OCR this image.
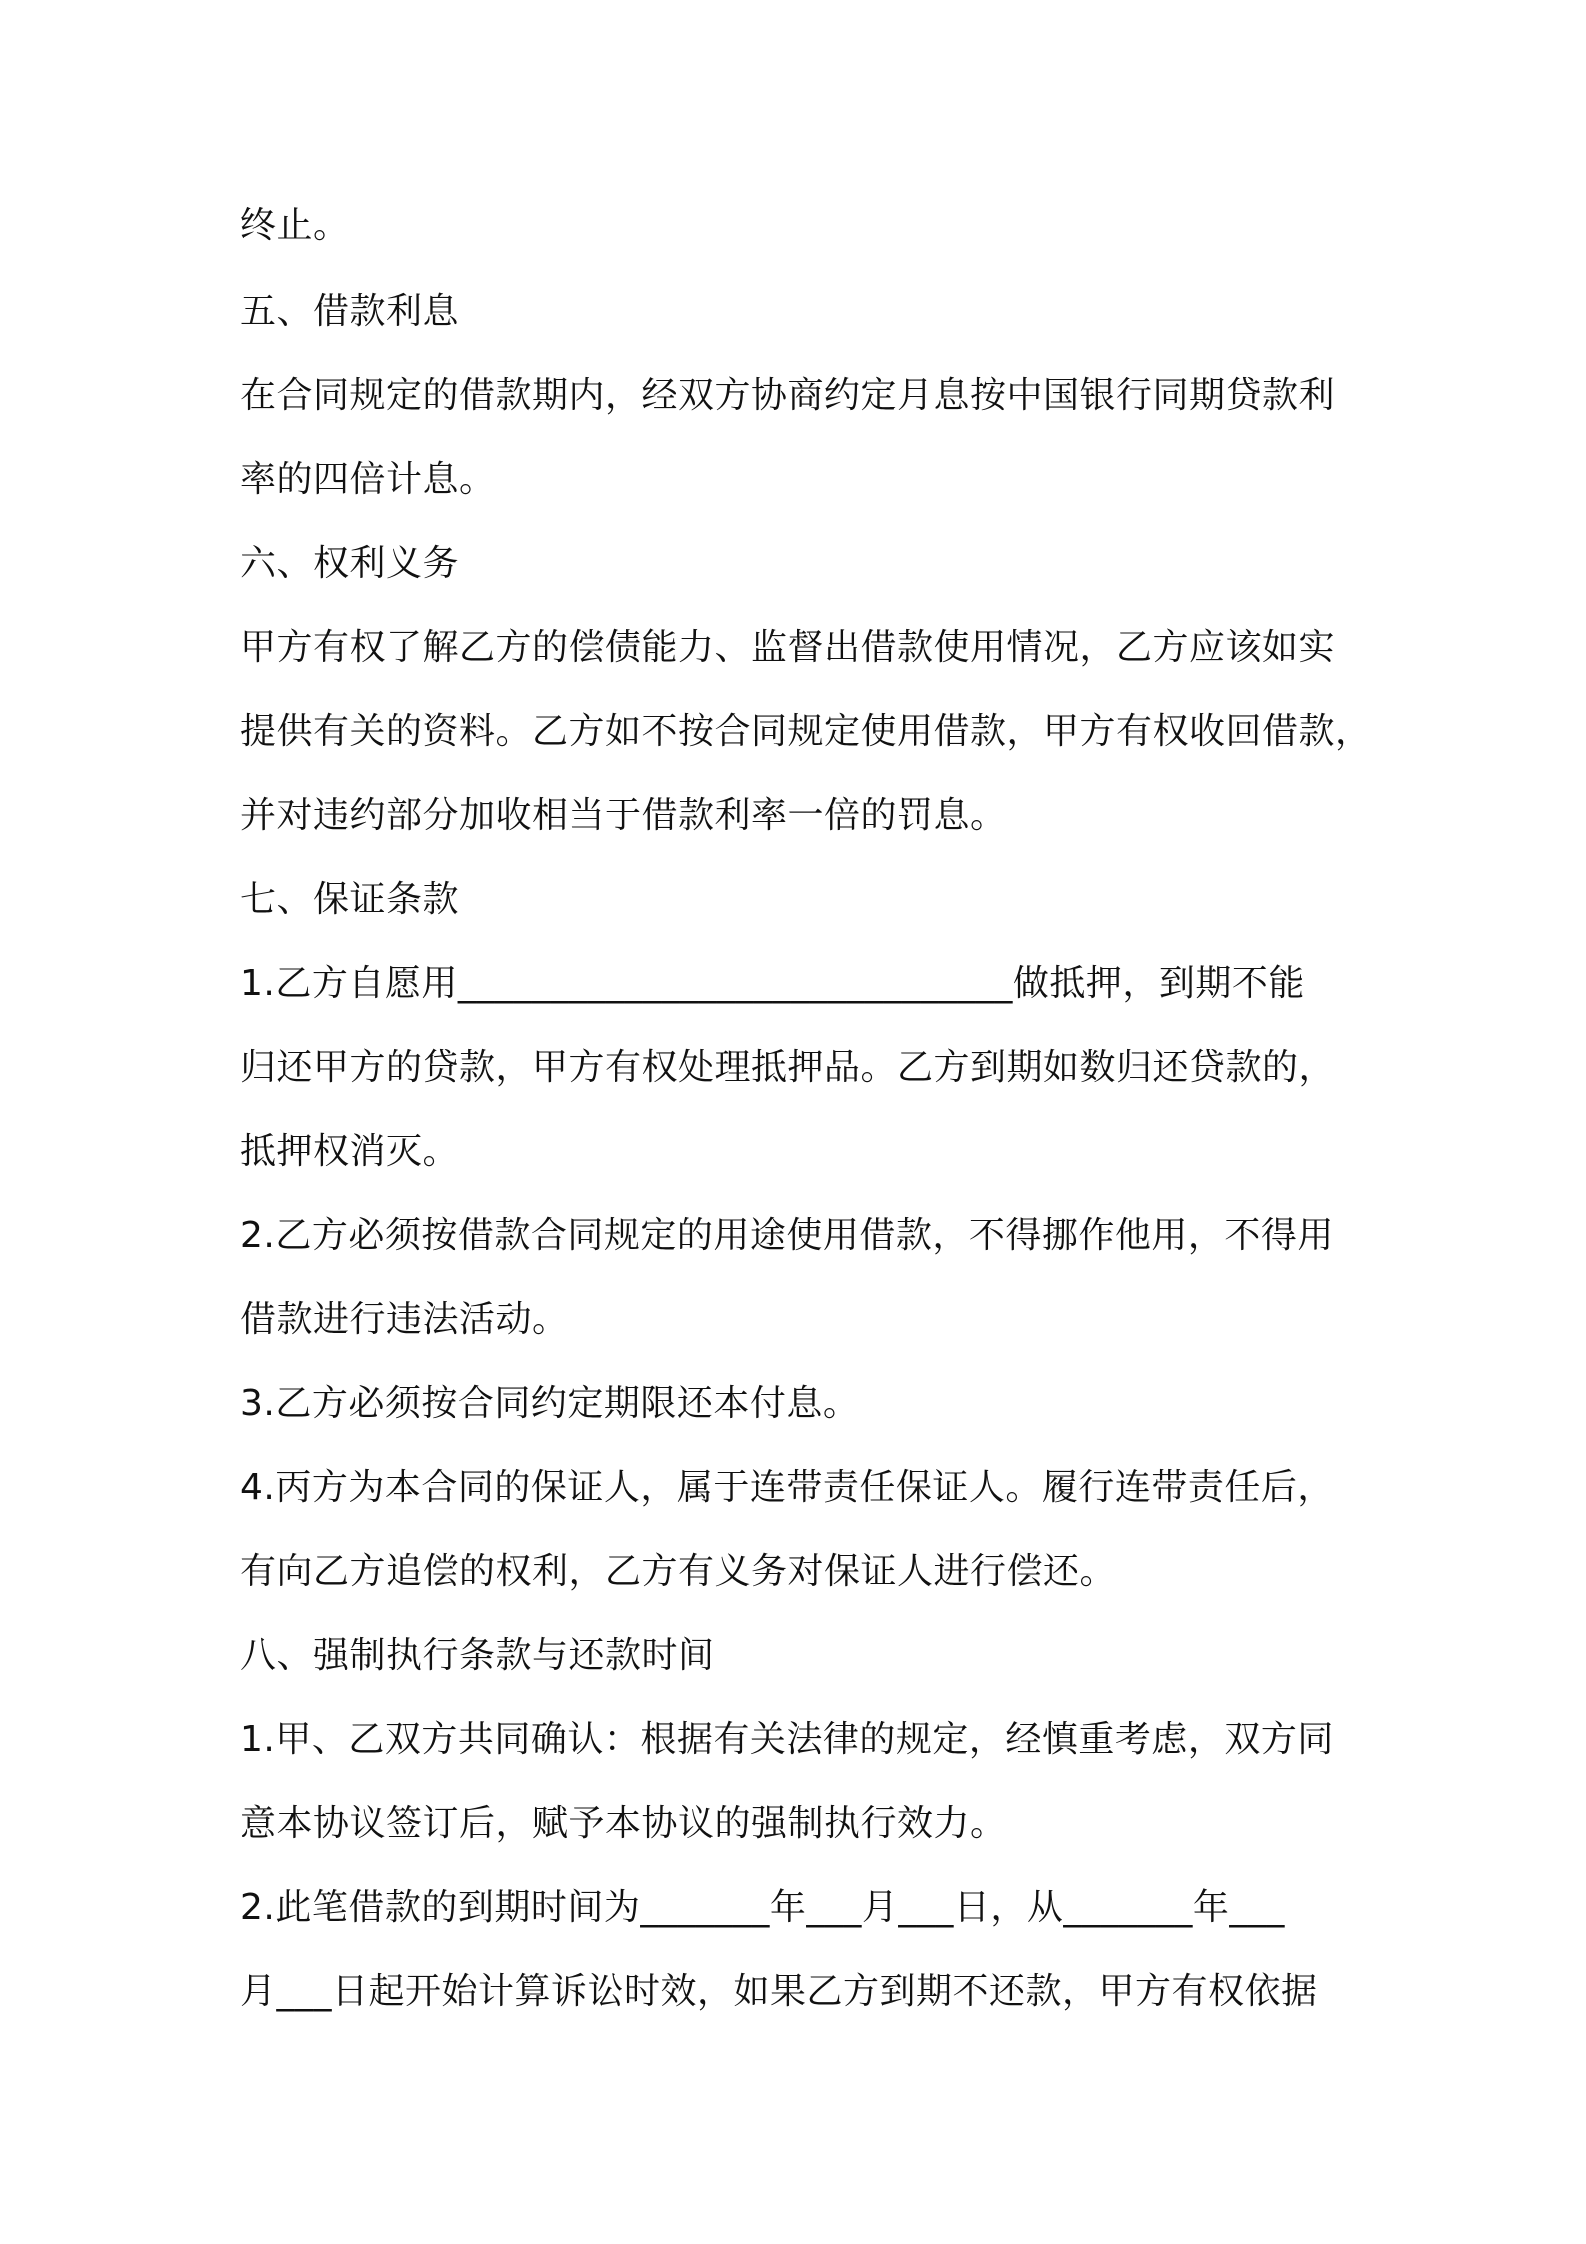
终止。
五、借款利息
在合同规定的借款期内，经双方协商约定月息按中国银行同期贷款利
率的四倍计息。
六、权利义务
甲方有权了解乙方的偿债能力、监督出借款使用情况，乙方应该如实
提供有关的资料。乙方如不按合同规定使用借款，甲方有权收回借款，
并对违约部分加收相当于借款利率一倍的罚息。
七、保证条款
1.乙方自愿用______________________________做抵押，到期不能
归还甲方的贷款，甲方有权处理抵押品。乙方到期如数归还贷款的，
抵押权消灭。
2.乙方必须按借款合同规定的用途使用借款，不得挪作他用，不得用
借款进行违法活动。
3.乙方必须按合同约定期限还本付息。
4.丙方为本合同的保证人，属于连带责任保证人。履行连带责任后，
有向乙方追偿的权利，乙方有义务对保证人进行偿还。
八、强制执行条款与还款时间
1.甲、乙双方共同确认：根据有关法律的规定，经慎重考虑，双方同
意本协议签订后，赋予本协议的强制执行效力。
2.此笔借款的到期时间为_______年___月___日，从_______年___
月___日起开始计算诉讼时效，如果乙方到期不还款，甲方有权依据
